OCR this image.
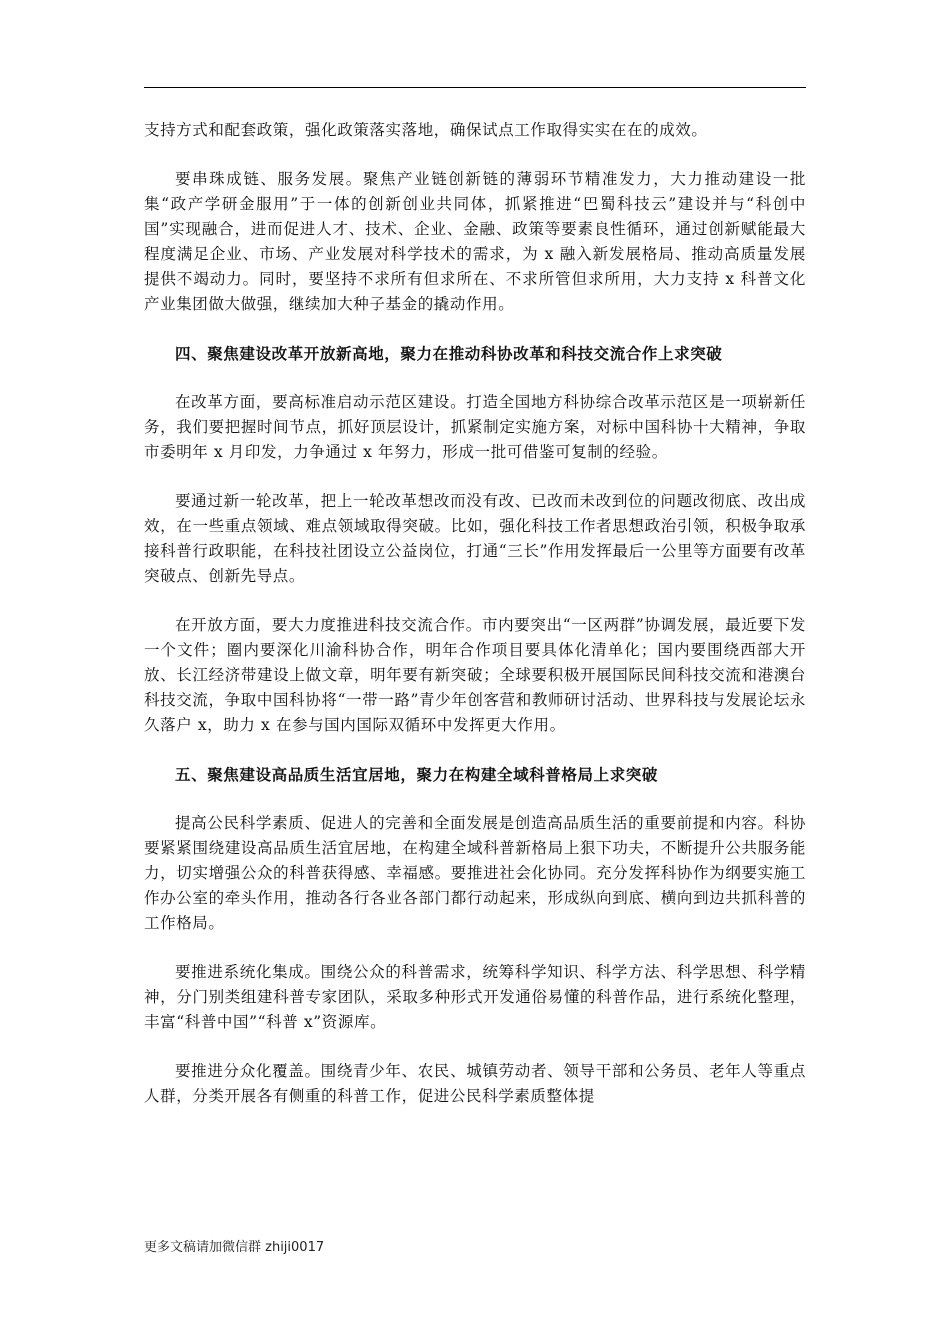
支持方式和配套政策，强化政策落实落地，确保试点工作取得实实在在的成效。

要串珠成链、服务发展。聚焦产业链创新链的薄弱环节精准发力，大力推动建设一批集“政产学研金服用”于一体的创新创业共同体，抓紧推进“巴蜀科技云”建设并与“科创中国”实现融合，进而促进人才、技术、企业、金融、政策等要素良性循环，通过创新赋能最大程度满足企业、市场、产业发展对科学技术的需求，为 x 融入新发展格局、推动高质量发展提供不竭动力。同时，要坚持不求所有但求所在、不求所管但求所用，大力支持 x 科普文化产业集团做大做强，继续加大种子基金的撬动作用。

四、聚焦建设改革开放新高地，聚力在推动科协改革和科技交流合作上求突破

在改革方面，要高标准启动示范区建设。打造全国地方科协综合改革示范区是一项崭新任务，我们要把握时间节点，抓好顶层设计，抓紧制定实施方案，对标中国科协十大精神，争取市委明年 x 月印发，力争通过 x 年努力，形成一批可借鉴可复制的经验。

要通过新一轮改革，把上一轮改革想改而没有改、已改而未改到位的问题改彻底、改出成效，在一些重点领域、难点领域取得突破。比如，强化科技工作者思想政治引领，积极争取承接科普行政职能，在科技社团设立公益岗位，打通“三长”作用发挥最后一公里等方面要有改革突破点、创新先导点。

在开放方面，要大力度推进科技交流合作。市内要突出“一区两群”协调发展，最近要下发一个文件；圈内要深化川渝科协合作，明年合作项目要具体化清单化；国内要围绕西部大开放、长江经济带建设上做文章，明年要有新突破；全球要积极开展国际民间科技交流和港澳台科技交流，争取中国科协将“一带一路”青少年创客营和教师研讨活动、世界科技与发展论坛永久落户 x，助力 x 在参与国内国际双循环中发挥更大作用。

五、聚焦建设高品质生活宜居地，聚力在构建全域科普格局上求突破

提高公民科学素质、促进人的完善和全面发展是创造高品质生活的重要前提和内容。科协要紧紧围绕建设高品质生活宜居地，在构建全域科普新格局上狠下功夫，不断提升公共服务能力，切实增强公众的科普获得感、幸福感。要推进社会化协同。充分发挥科协作为纲要实施工作办公室的牵头作用，推动各行各业各部门都行动起来，形成纵向到底、横向到边共抓科普的工作格局。

要推进系统化集成。围绕公众的科普需求，统筹科学知识、科学方法、科学思想、科学精神，分门别类组建科普专家团队，采取多种形式开发通俗易懂的科普作品，进行系统化整理，丰富“科普中国”“科普 x”资源库。

要推进分众化覆盖。围绕青少年、农民、城镇劳动者、领导干部和公务员、老年人等重点人群，分类开展各有侧重的科普工作，促进公民科学素质整体提

更多文稿请加微信群 zhiji0017
